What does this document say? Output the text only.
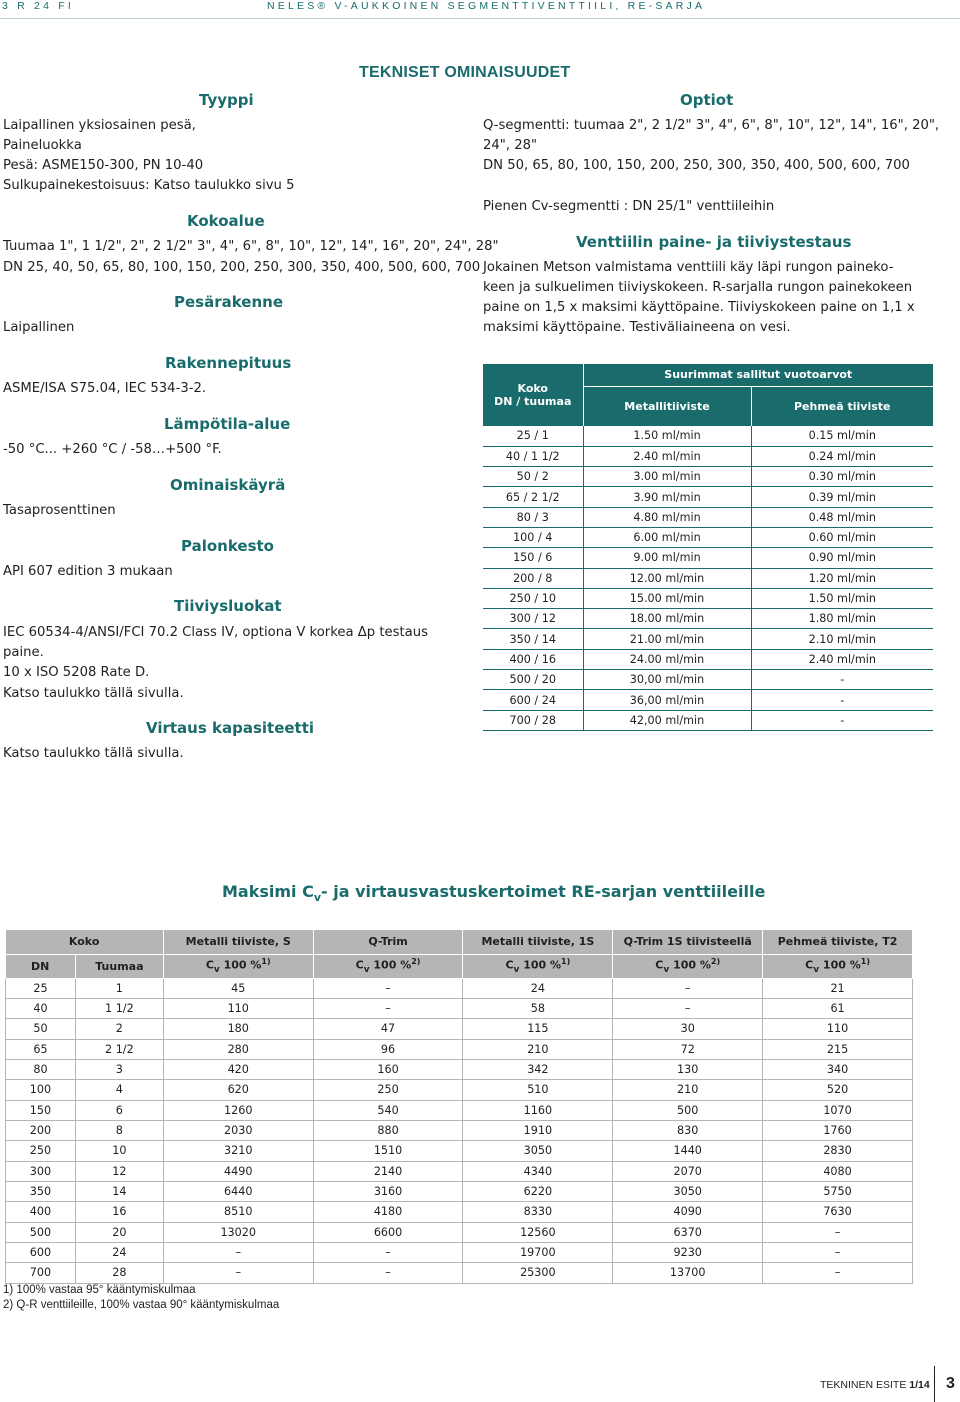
3 R 24 FI	NELES® V-AUKKOINEN SEGMENTTIVENTTIILI, RE-SARJA
TEKNISET OMINAISUUDET
Tyyppi
Laipallinen yksiosainen pesä,
Paineluokka
Pesä: ASME150-300, PN 10-40
Sulkupainekestoisuus: Katso taulukko sivu 5
Kokoalue
Tuumaa 1", 1 1/2", 2", 2 1/2" 3", 4", 6", 8", 10", 12", 14", 16", 20", 24", 28"
DN 25, 40, 50, 65, 80, 100, 150, 200, 250, 300, 350, 400, 500, 600, 700
Pesärakenne
Laipallinen
Rakennepituus
ASME/ISA S75.04, IEC 534-3-2.
Lämpötila-alue
-50 °C... +260 °C / -58…+500 °F.
Ominaiskäyrä
Tasaprosenttinen
Palonkesto
API 607 edition 3 mukaan
Tiiviysluokat
IEC 60534-4/ANSI/FCI 70.2 Class IV, optiona V korkea Δp testaus
paine.
10 x ISO 5208 Rate D.
Katso taulukko tällä sivulla.
Virtaus kapasiteetti
Katso taulukko tällä sivulla.
Optiot
Q-segmentti: tuumaa 2", 2 1/2" 3", 4", 6", 8", 10", 12", 14", 16", 20",
24", 28"
DN 50, 65, 80, 100, 150, 200, 250, 300, 350, 400, 500, 600, 700
Pienen Cv-segmentti : DN 25/1" venttiileihin
Venttiilin paine- ja tiiviystestaus
Jokainen Metson valmistama venttiili käy läpi rungon paineko-
keen ja sulkuelimen tiiviyskokeen. R-sarjalla rungon painekokeen
paine on 1,5 x maksimi käyttöpaine. Tiiviyskokeen paine on 1,1 x
maksimi käyttöpaine. Testiväliaineena on vesi.
Koko
DN / tuumaa	Suurimmat sallitut vuotoarvot	
	Metallitiiviste	Pehmeä tiiviste
25 / 1	1.50 ml/min	0.15 ml/min
40 / 1 1/2	2.40 ml/min	0.24 ml/min
50 / 2	3.00 ml/min	0.30 ml/min
65 / 2 1/2	3.90 ml/min	0.39 ml/min
80 / 3	4.80 ml/min	0.48 ml/min
100 / 4	6.00 ml/min	0.60 ml/min
150 / 6	9.00 ml/min	0.90 ml/min
200 / 8	12.00 ml/min	1.20 ml/min
250 / 10	15.00 ml/min	1.50 ml/min
300 / 12	18.00 ml/min	1.80 ml/min
350 / 14	21.00 ml/min	2.10 ml/min
400 / 16	24.00 ml/min	2.40 ml/min
500 / 20	30,00 ml/min	-
600 / 24	36,00 ml/min	-
700 / 28	42,00 ml/min	-
Maksimi $C_v-$ ja virtausvastuskertoimet RE-sarjan venttiileille
Koko		Metalli tiiviste, S	Q-Trim	Metalli tiiviste, 1S	Q-Trim 1S tiivisteellä	Pehmeä tiiviste, T2
DN	Tuumaa	$C_v$ 100 %$^{1)}$	$C_v$ 100 %$^{2)}$	$C_v$ 100 %$^{1)}$	$C_v$ 100 %$^{2)}$	$C_v$ 100 %$^{1)}$
25	1	45	–	24	–	21
40	1 1/2	110	–	58	–	61
50	2	180	47	115	30	110
65	2 1/2	280	96	210	72	215
80	3	420	160	342	130	340
100	4	620	250	510	210	520
150	6	1260	540	1160	500	1070
200	8	2030	880	1910	830	1760
250	10	3210	1510	3050	1440	2830
300	12	4490	2140	4340	2070	4080
350	14	6440	3160	6220	3050	5750
400	16	8510	4180	8330	4090	7630
500	20	13020	6600	12560	6370	–
600	24	–	–	19700	9230	–
700	28	–	–	25300	13700	–
1) 100% vastaa 95° kääntymiskulmaa
2) Q-R venttiileille, 100% vastaa 90° kääntymiskulmaa
TEKNINEN ESITE 1/14 3
